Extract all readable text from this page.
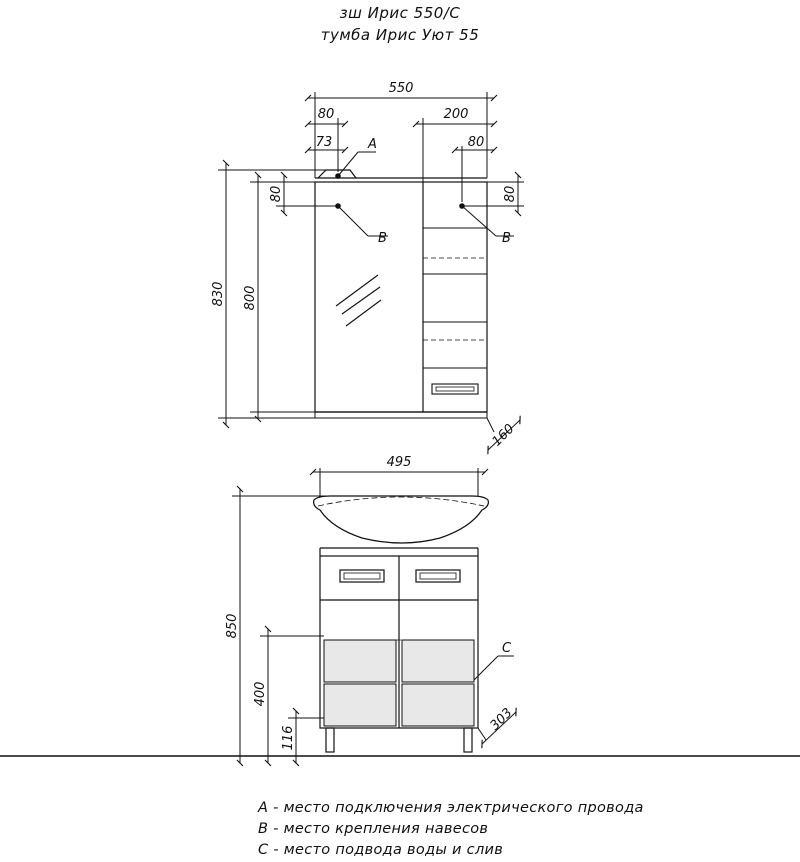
зш Ирис 550/С
тумба Ирис Уют 55
550
80
73
200
80
80	80
830 800
160
A
B	B
495
850
400
116
303
C
A - место подключения электрического провода
B - место крепления навесов
C - место подвода воды и слив
